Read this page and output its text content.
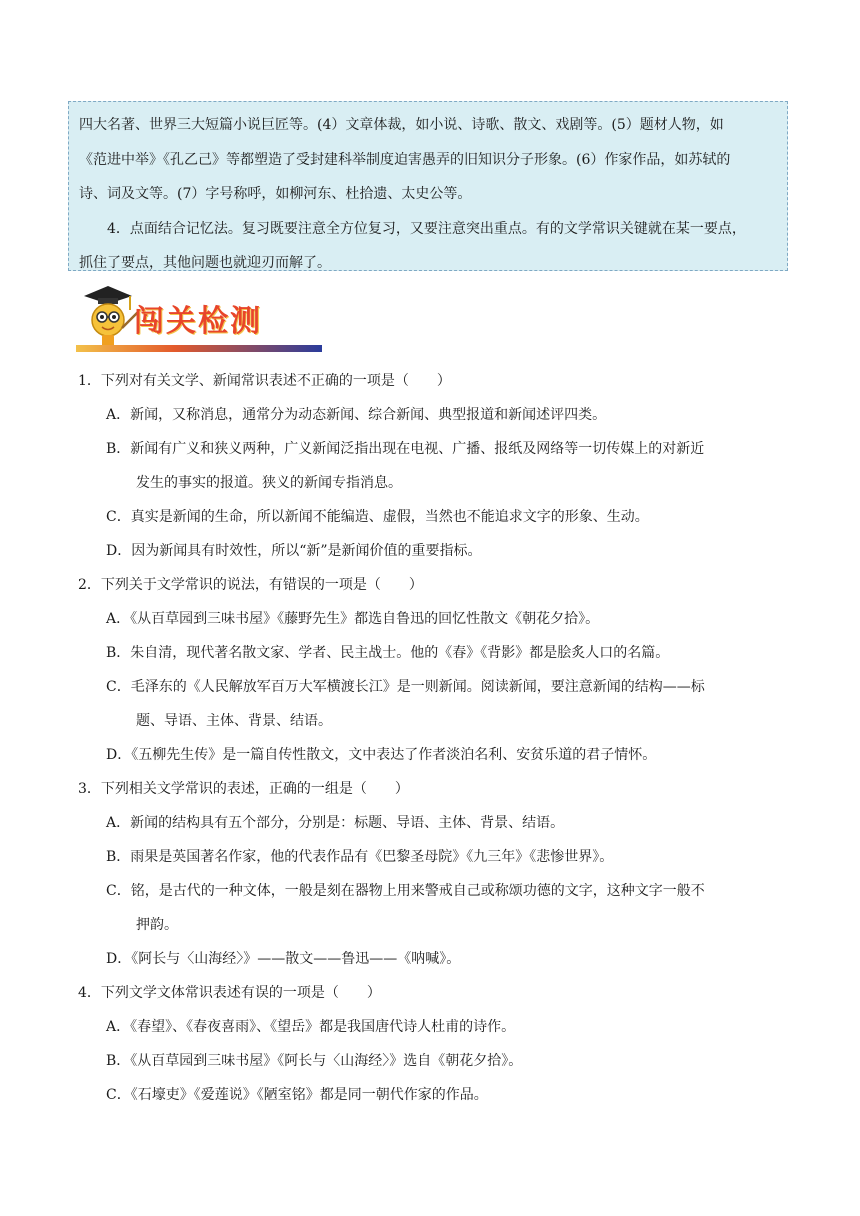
四大名著、世界三大短篇小说巨匠等。(4）文章体裁，如小说、诗歌、散文、戏剧等。(5）题材人物，如

《范进中举》《孔乙己》等都塑造了受封建科举制度迫害愚弄的旧知识分子形象。(6）作家作品，如苏轼的

诗、词及文等。(7）字号称呼，如柳河东、杜拾遗、太史公等。

4．点面结合记忆法。复习既要注意全方位复习，又要注意突出重点。有的文学常识关键就在某一要点，

抓住了要点，其他问题也就迎刃而解了。

闯关检测
1．下列对有关文学、新闻常识表述不正确的一项是（　　）
A．新闻，又称消息，通常分为动态新闻、综合新闻、典型报道和新闻述评四类。
B．新闻有广义和狭义两种，广义新闻泛指出现在电视、广播、报纸及网络等一切传媒上的对新近
发生的事实的报道。狭义的新闻专指消息。
C．真实是新闻的生命，所以新闻不能编造、虚假，当然也不能追求文字的形象、生动。
D．因为新闻具有时效性，所以“新”是新闻价值的重要指标。
2．下列关于文学常识的说法，有错误的一项是（　　）
A．《从百草园到三味书屋》《藤野先生》都选自鲁迅的回忆性散文《朝花夕拾》。
B．朱自清，现代著名散文家、学者、民主战士。他的《春》《背影》都是脍炙人口的名篇。
C．毛泽东的《人民解放军百万大军横渡长江》是一则新闻。阅读新闻，要注意新闻的结构——标
题、导语、主体、背景、结语。
D．《五柳先生传》是一篇自传性散文，文中表达了作者淡泊名利、安贫乐道的君子情怀。
3．下列相关文学常识的表述，正确的一组是（　　）
A．新闻的结构具有五个部分，分别是：标题、导语、主体、背景、结语。
B．雨果是英国著名作家，他的代表作品有《巴黎圣母院》《九三年》《悲惨世界》。
C．铭，是古代的一种文体，一般是刻在器物上用来警戒自己或称颂功德的文字，这种文字一般不
押韵。
D．《阿长与〈山海经〉》——散文——鲁迅——《呐喊》。
4．下列文学文体常识表述有误的一项是（　　）
A．《春望》、《春夜喜雨》、《望岳》都是我国唐代诗人杜甫的诗作。
B．《从百草园到三味书屋》《阿长与〈山海经〉》选自《朝花夕拾》。
C．《石壕吏》《爱莲说》《陋室铭》都是同一朝代作家的作品。
